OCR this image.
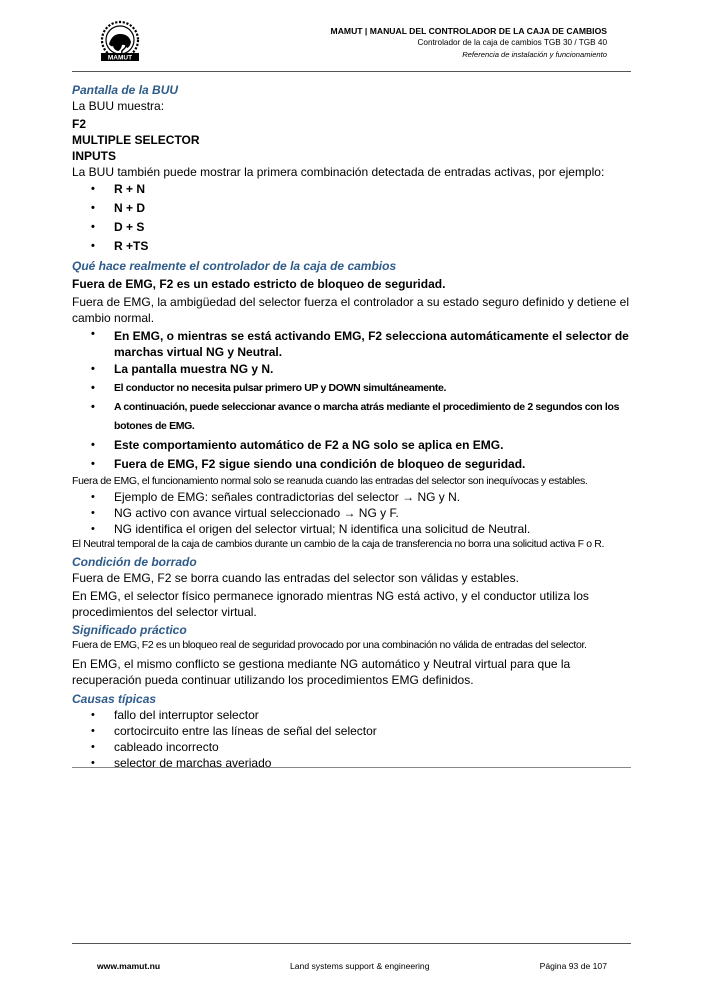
MAMUT
MAMUT | MANUAL DEL CONTROLADOR DE LA CAJA DE CAMBIOS
Controlador de la caja de cambios TGB 30 / TGB 40
Referencia de instalación y funcionamiento

Pantalla de la BUU

La BUU muestra:

F2

MULTIPLE SELECTOR

INPUTS

La BUU también puede mostrar la primera combinación detectada de entradas activas, por ejemplo:

• R + N
• N + D
• D + S
• R +TS

Qué hace realmente el controlador de la caja de cambios

Fuera de EMG, F2 es un estado estricto de bloqueo de seguridad.

Fuera de EMG, la ambigüedad del selector fuerza el controlador a su estado seguro definido y detiene el cambio normal.

• En EMG, o mientras se está activando EMG, F2 selecciona automáticamente el selector de marchas virtual NG y Neutral.
• La pantalla muestra NG y N.
• El conductor no necesita pulsar primero UP y DOWN simultáneamente.
• A continuación, puede seleccionar avance o marcha atrás mediante el procedimiento de 2 segundos con los botones de EMG.
• Este comportamiento automático de F2 a NG solo se aplica en EMG.
• Fuera de EMG, F2 sigue siendo una condición de bloqueo de seguridad.

Fuera de EMG, el funcionamiento normal solo se reanuda cuando las entradas del selector son inequívocas y estables.

• Ejemplo de EMG: señales contradictorias del selector → NG y N.
• NG activo con avance virtual seleccionado → NG y F.
• NG identifica el origen del selector virtual; N identifica una solicitud de Neutral.

El Neutral temporal de la caja de cambios durante un cambio de la caja de transferencia no borra una solicitud activa F o R.

Condición de borrado

Fuera de EMG, F2 se borra cuando las entradas del selector son válidas y estables.

En EMG, el selector físico permanece ignorado mientras NG está activo, y el conductor utiliza los procedimientos del selector virtual.

Significado práctico

Fuera de EMG, F2 es un bloqueo real de seguridad provocado por una combinación no válida de entradas del selector.

En EMG, el mismo conflicto se gestiona mediante NG automático y Neutral virtual para que la recuperación pueda continuar utilizando los procedimientos EMG definidos.

Causas típicas

• fallo del interruptor selector
• cortocircuito entre las líneas de señal del selector
• cableado incorrecto
• selector de marchas averiado
www.mamut.nu	Land systems support & engineering	Página 93 de 107
